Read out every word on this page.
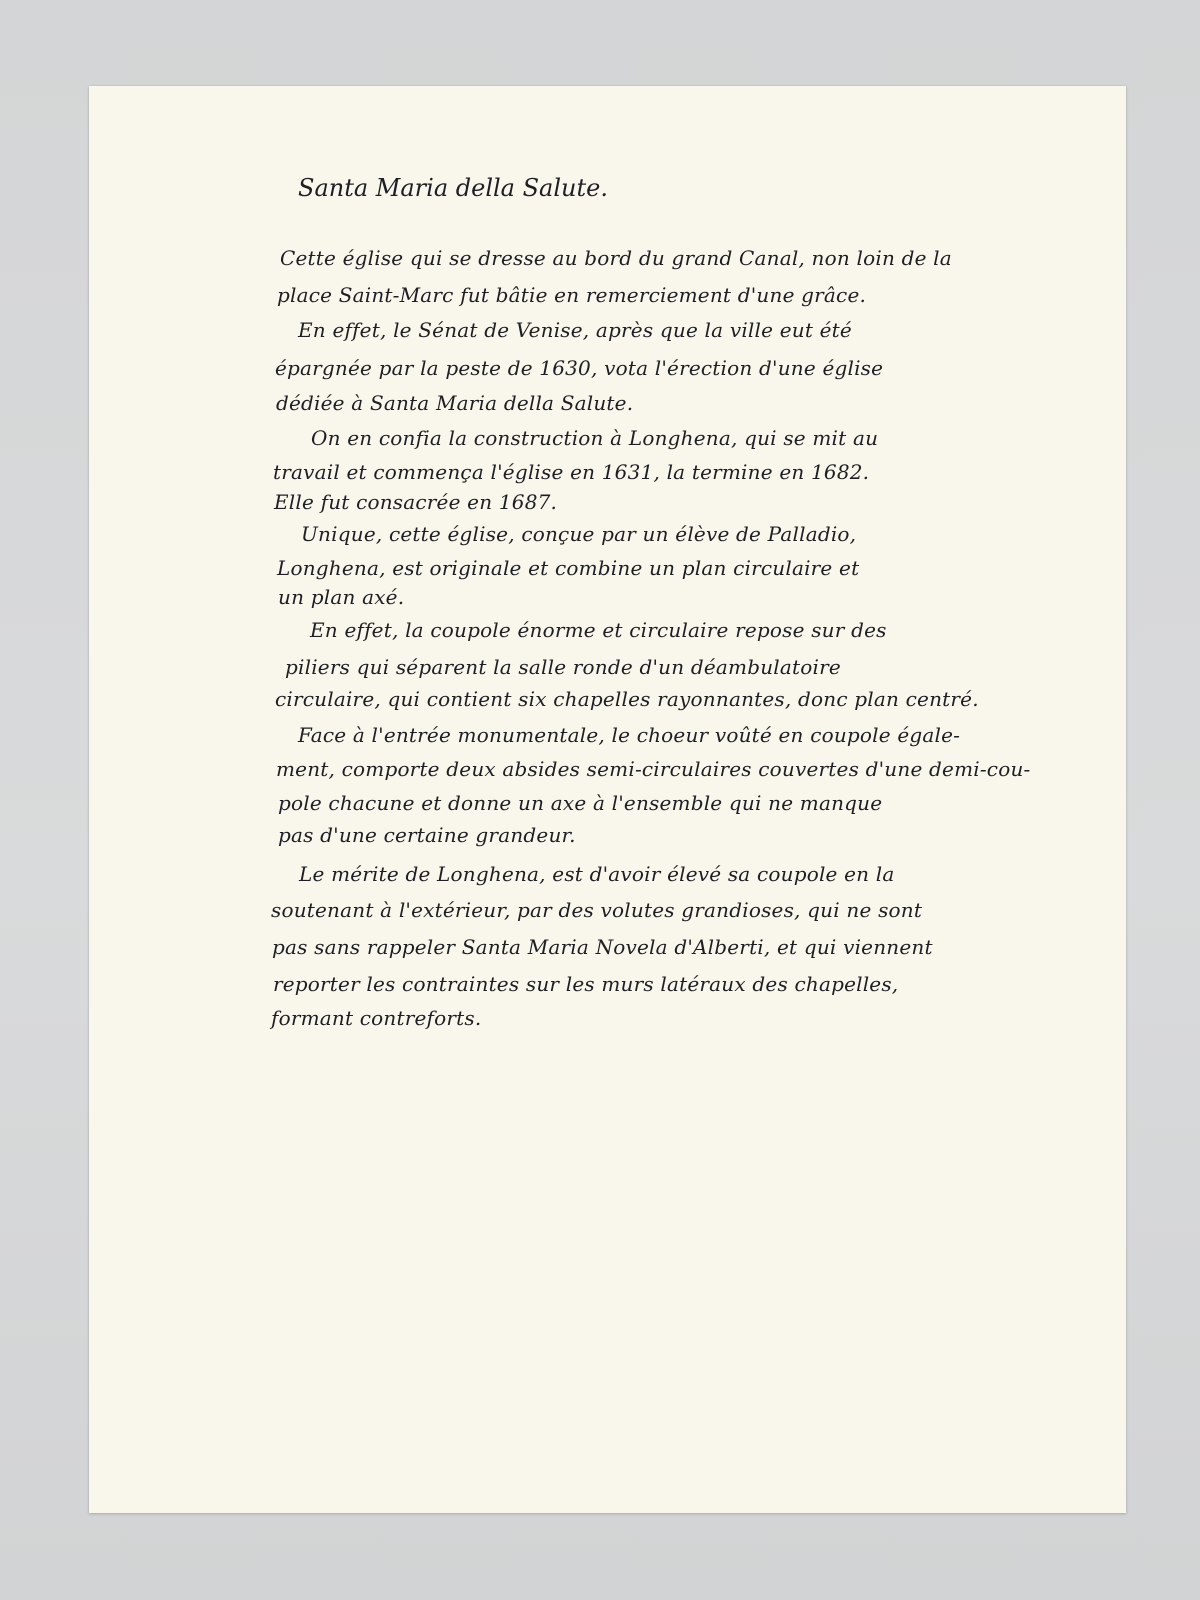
Santa Maria della Salute.
Cette église qui se dresse au bord du grand Canal, non loin de la
place Saint-Marc fut bâtie en remerciement d'une grâce.
En effet, le Sénat de Venise, après que la ville eut été
épargnée par la peste de 1630, vota l'érection d'une église
dédiée à Santa Maria della Salute.
On en confia la construction à Longhena, qui se mit au
travail et commença l'église en 1631, la termine en 1682.
Elle fut consacrée en 1687.
Unique, cette église, conçue par un élève de Palladio,
Longhena, est originale et combine un plan circulaire et
un plan axé.
En effet, la coupole énorme et circulaire repose sur des
piliers qui séparent la salle ronde d'un déambulatoire
circulaire, qui contient six chapelles rayonnantes, donc plan centré.
Face à l'entrée monumentale, le choeur voûté en coupole égale-
ment, comporte deux absides semi-circulaires couvertes d'une demi-cou-
pole chacune et donne un axe à l'ensemble qui ne manque
pas d'une certaine grandeur.
Le mérite de Longhena, est d'avoir élevé sa coupole en la
soutenant à l'extérieur, par des volutes grandioses, qui ne sont
pas sans rappeler Santa Maria Novela d'Alberti, et qui viennent
reporter les contraintes sur les murs latéraux des chapelles,
formant contreforts.
